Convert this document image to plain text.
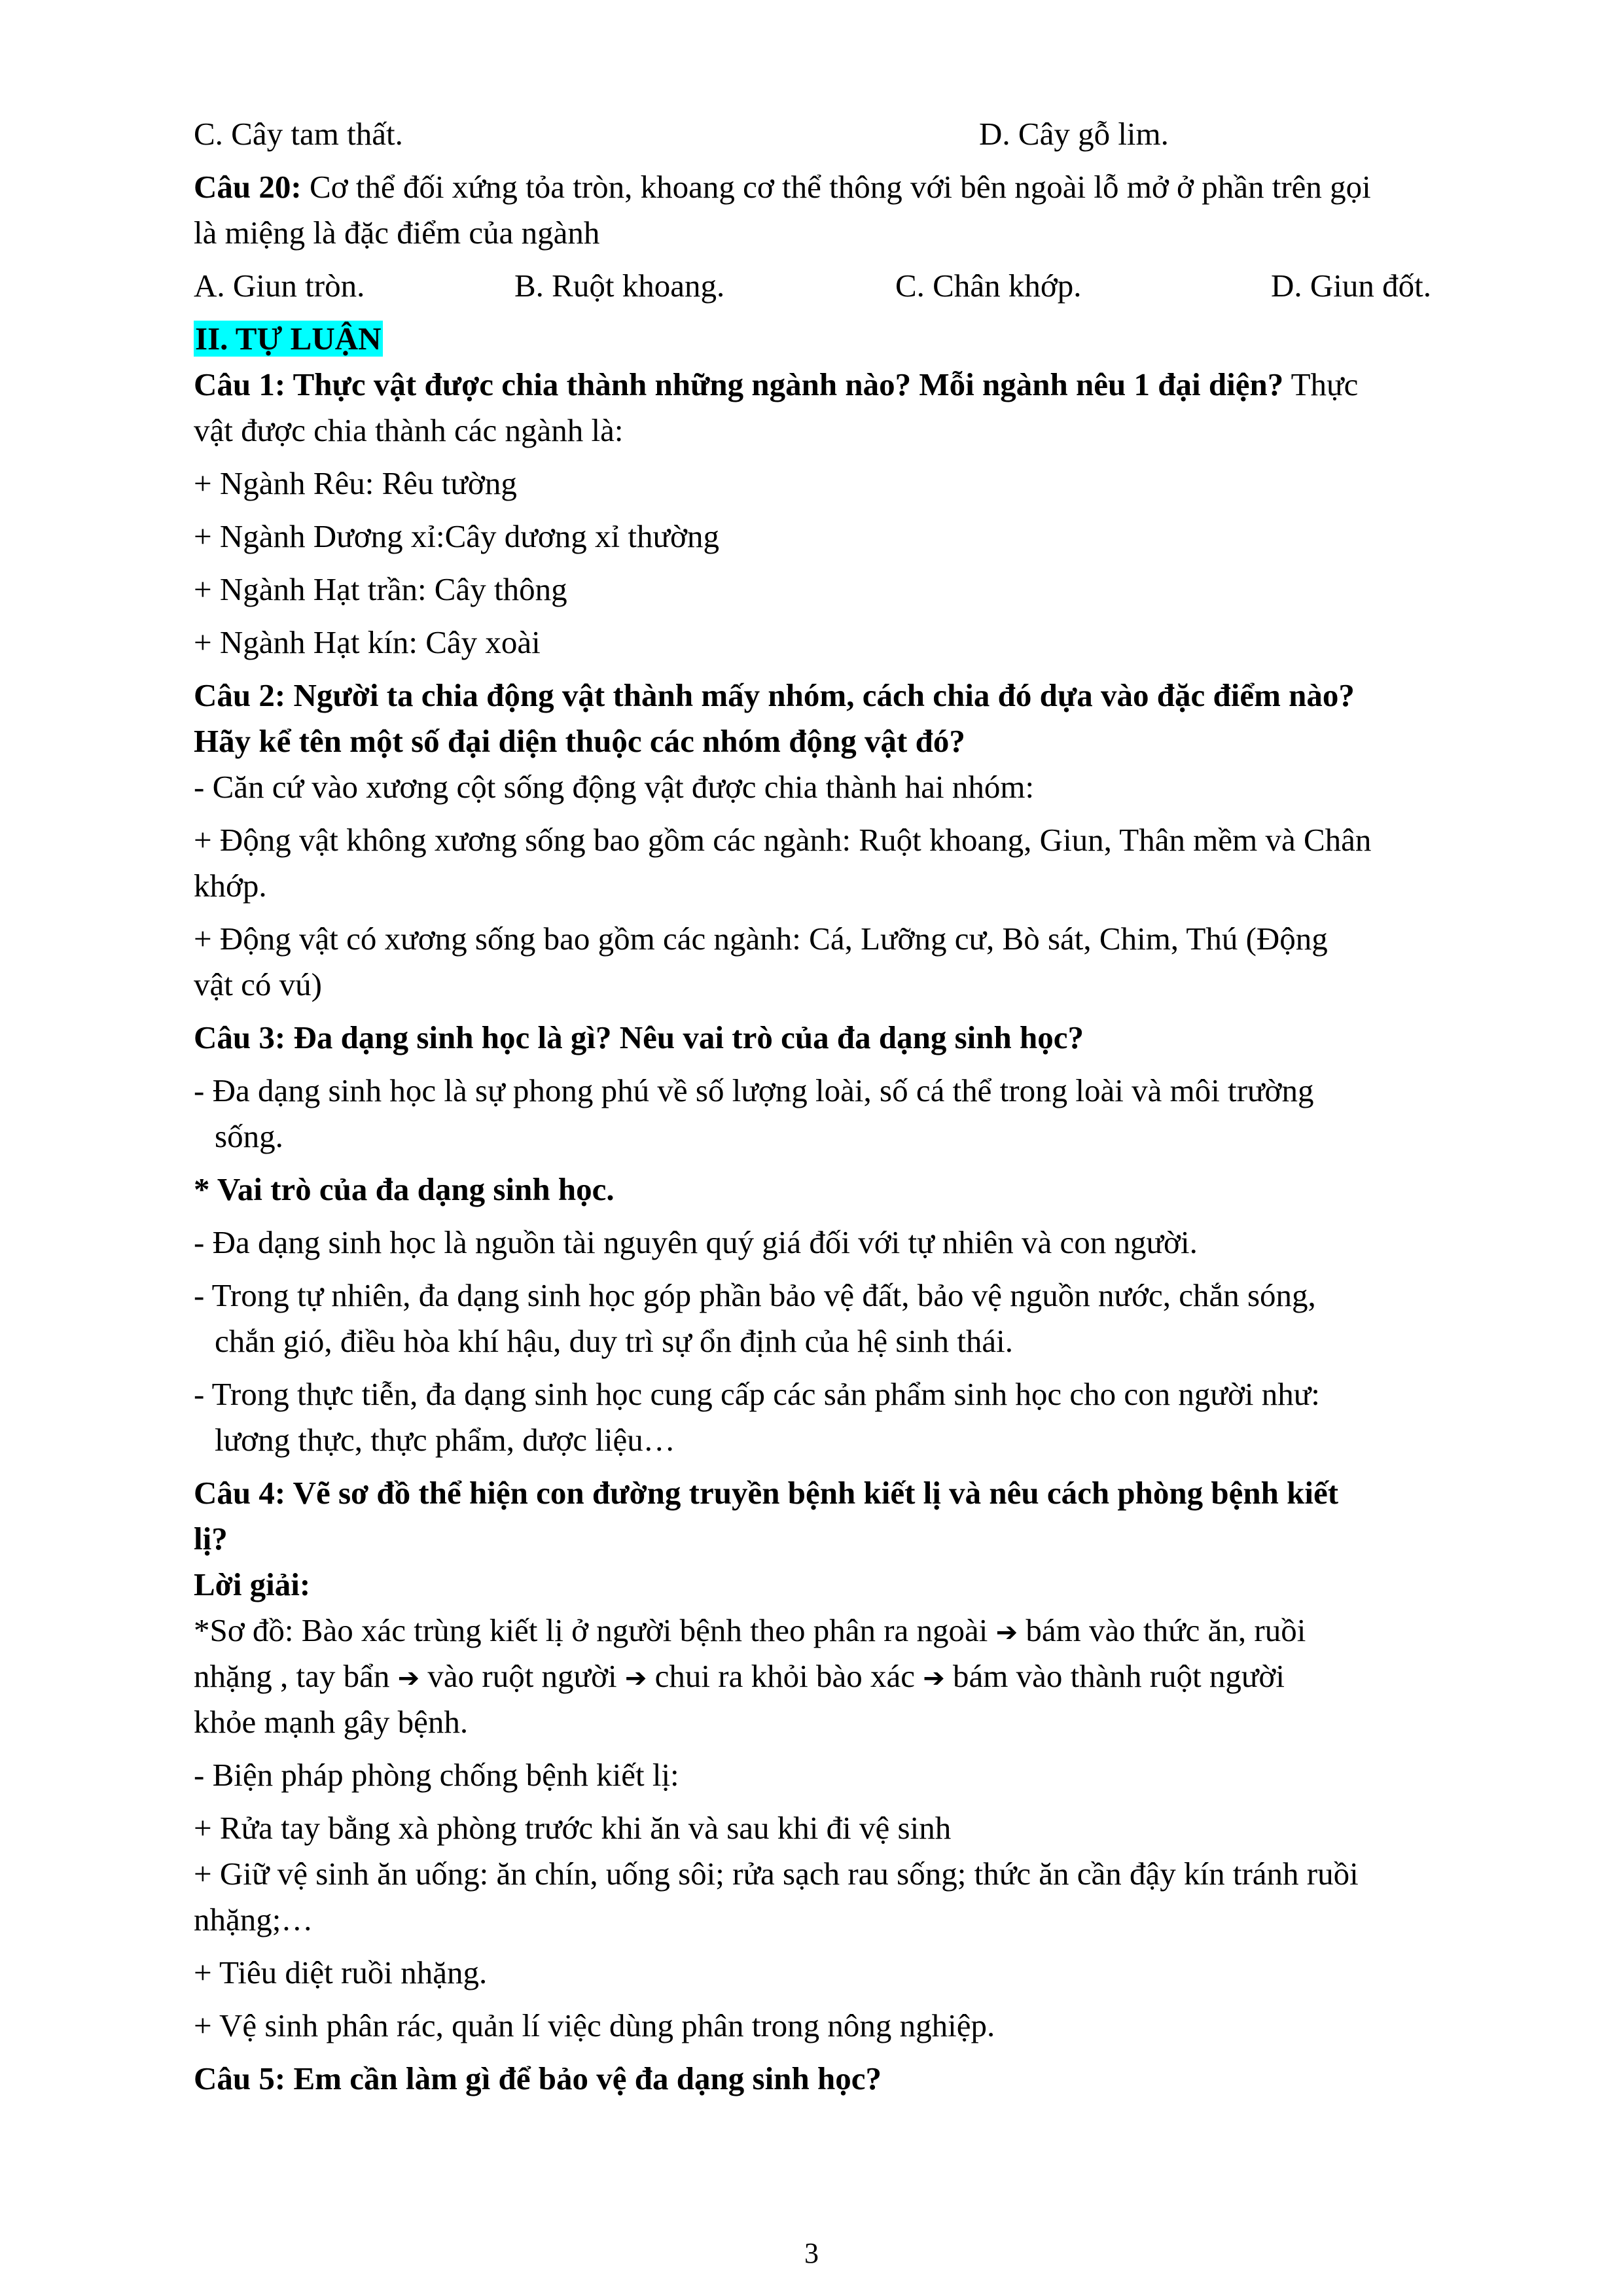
C. Cây tam thất.	D. Cây gỗ lim.
Câu 20: Cơ thể đối xứng tỏa tròn, khoang cơ thể thông với bên ngoài lỗ mở ở phần trên gọi
là miệng là đặc điểm của ngành
A. Giun tròn.	B. Ruột khoang.	C. Chân khớp.	D. Giun đốt.
II. TỰ LUẬN
Câu 1: Thực vật được chia thành những ngành nào? Mỗi ngành nêu 1 đại diện? Thực
vật được chia thành các ngành là:
+ Ngành Rêu: Rêu tường
+ Ngành Dương xỉ:Cây dương xỉ thường
+ Ngành Hạt trần: Cây thông
+ Ngành Hạt kín: Cây xoài
Câu 2: Người ta chia động vật thành mấy nhóm, cách chia đó dựa vào đặc điểm nào?
Hãy kể tên một số đại diện thuộc các nhóm động vật đó?
- Căn cứ vào xương cột sống động vật được chia thành hai nhóm:
+ Động vật không xương sống bao gồm các ngành: Ruột khoang, Giun, Thân mềm và Chân
khớp.
+ Động vật có xương sống bao gồm các ngành: Cá, Lưỡng cư, Bò sát, Chim, Thú (Động
vật có vú)
Câu 3: Đa dạng sinh học là gì? Nêu vai trò của đa dạng sinh học?
- Đa dạng sinh học là sự phong phú về số lượng loài, số cá thể trong loài và môi trường
sống.
* Vai trò của đa dạng sinh học.
- Đa dạng sinh học là nguồn tài nguyên quý giá đối với tự nhiên và con người.
- Trong tự nhiên, đa dạng sinh học góp phần bảo vệ đất, bảo vệ nguồn nước, chắn sóng,
chắn gió, điều hòa khí hậu, duy trì sự ổn định của hệ sinh thái.
- Trong thực tiễn, đa dạng sinh học cung cấp các sản phẩm sinh học cho con người như:
lương thực, thực phẩm, dược liệu…
Câu 4: Vẽ sơ đồ thể hiện con đường truyền bệnh kiết lị và nêu cách phòng bệnh kiết
lị?
Lời giải:
*Sơ đồ: Bào xác trùng kiết lị ở người bệnh theo phân ra ngoài ➔ bám vào thức ăn, ruồi
nhặng , tay bẩn ➔ vào ruột người ➔ chui ra khỏi bào xác ➔ bám vào thành ruột người
khỏe mạnh gây bệnh.
- Biện pháp phòng chống bệnh kiết lị:
+ Rửa tay bằng xà phòng trước khi ăn và sau khi đi vệ sinh
+ Giữ vệ sinh ăn uống: ăn chín, uống sôi; rửa sạch rau sống; thức ăn cần đậy kín tránh ruồi
nhặng;…
+ Tiêu diệt ruồi nhặng.
+ Vệ sinh phân rác, quản lí việc dùng phân trong nông nghiệp.
Câu 5: Em cần làm gì để bảo vệ đa dạng sinh học?
3
